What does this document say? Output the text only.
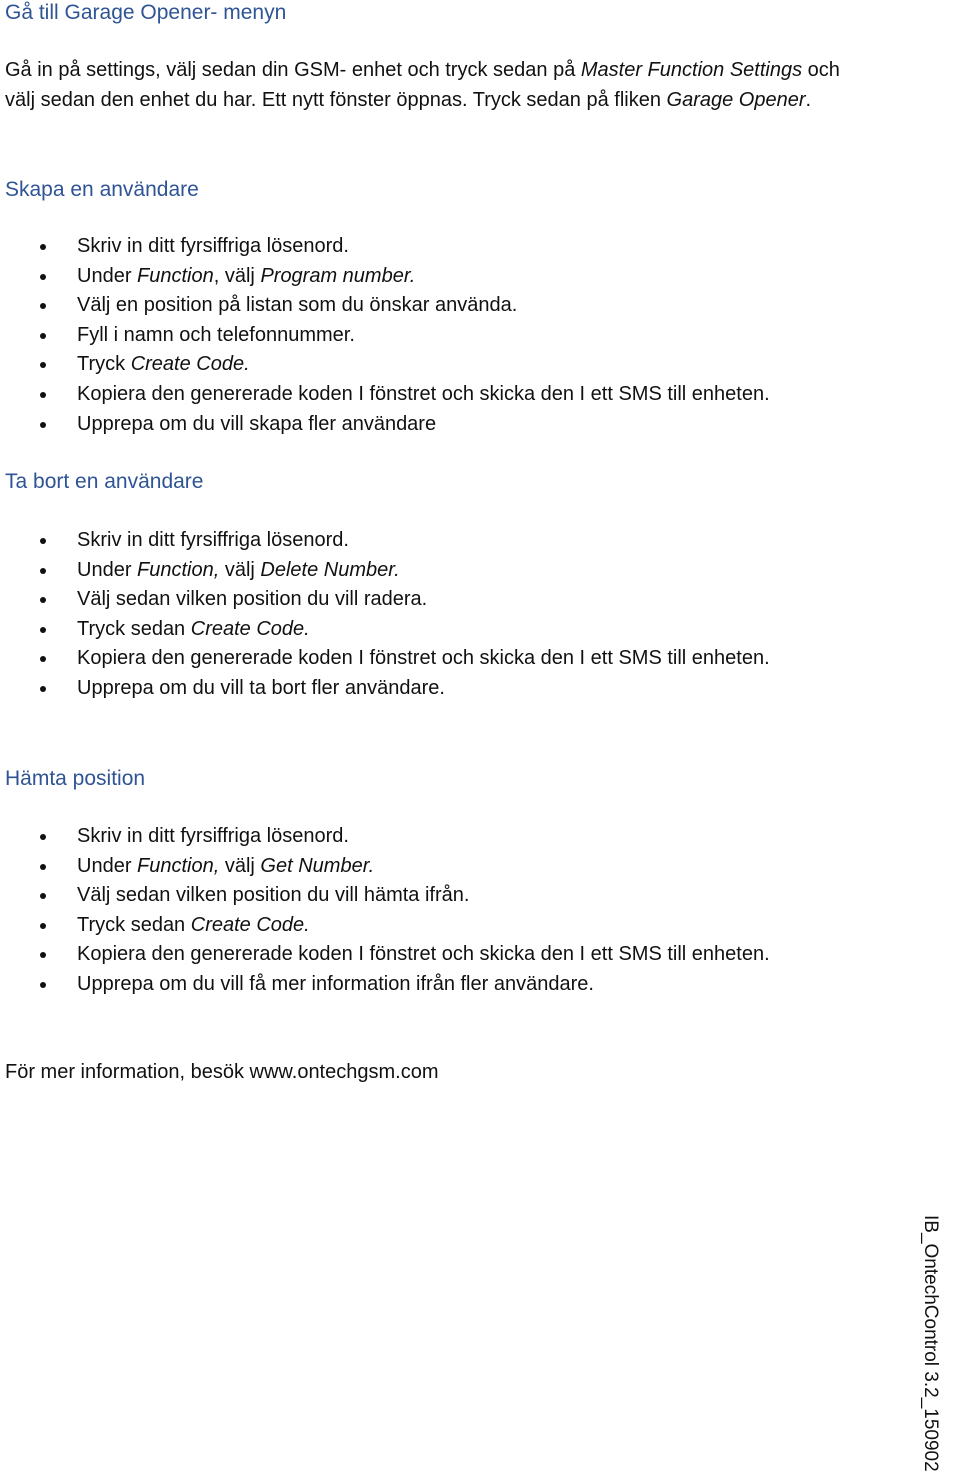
Gå till Garage Opener- menyn
Gå in på settings, välj sedan din GSM- enhet och tryck sedan på Master Function Settings och
välj sedan den enhet du har. Ett nytt fönster öppnas. Tryck sedan på fliken Garage Opener.
Skapa en användare
Skriv in ditt fyrsiffriga lösenord.
Under Function, välj Program number.
Välj en position på listan som du önskar använda.
Fyll i namn och telefonnummer.
Tryck Create Code.
Kopiera den genererade koden I fönstret och skicka den I ett SMS till enheten.
Upprepa om du vill skapa fler användare
Ta bort en användare
Skriv in ditt fyrsiffriga lösenord.
Under Function, välj Delete Number.
Välj sedan vilken position du vill radera.
Tryck sedan Create Code.
Kopiera den genererade koden I fönstret och skicka den I ett SMS till enheten.
Upprepa om du vill ta bort fler användare.
Hämta position
Skriv in ditt fyrsiffriga lösenord.
Under Function, välj Get Number.
Välj sedan vilken position du vill hämta ifrån.
Tryck sedan Create Code.
Kopiera den genererade koden I fönstret och skicka den I ett SMS till enheten.
Upprepa om du vill få mer information ifrån fler användare.
För mer information, besök www.ontechgsm.com
IB_OntechControl 3.2_150902
